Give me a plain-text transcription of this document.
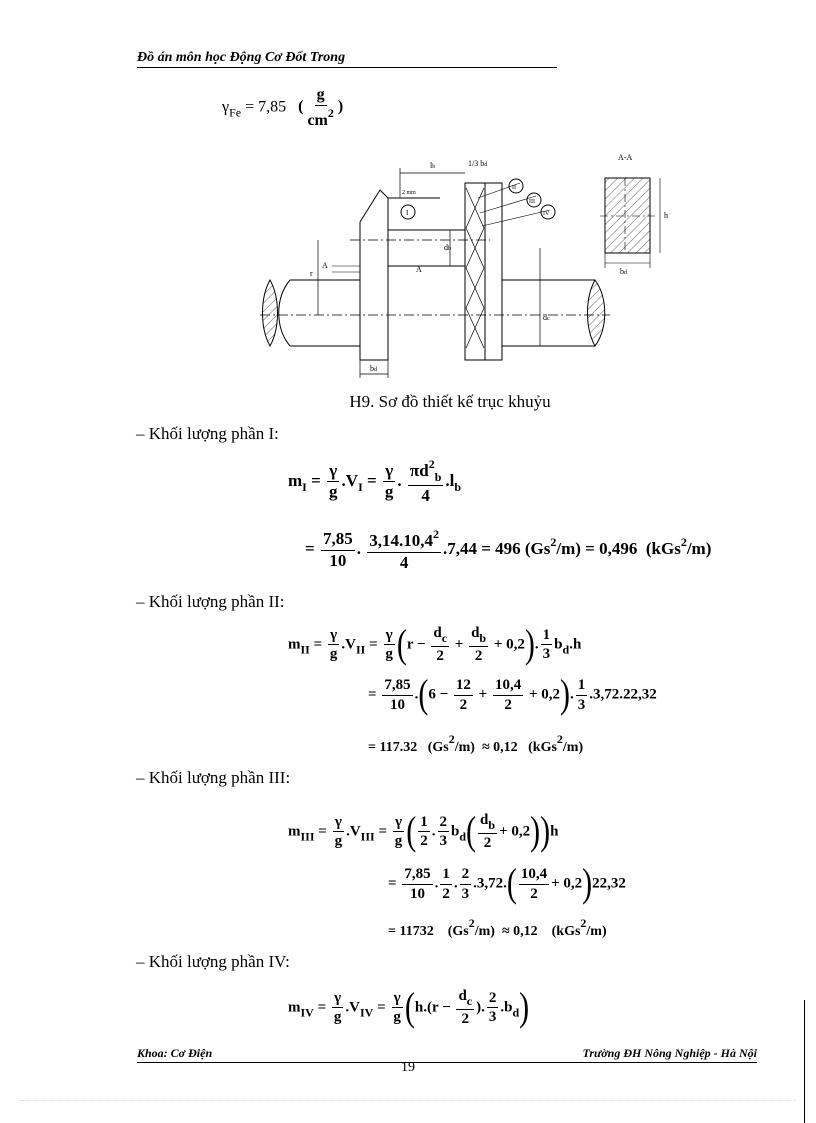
Đồ án môn học Động Cơ Đốt Trong
$\gamma_{Fe} = 7,85$ ( $\frac{g}{cm^2}$ )
A-A
h
bd
bd
lb	1/3 bd
2 mm
r
A	A
db
dc
I
II
III
IV
H9. Sơ đồ thiết kế trục khuỷu
– Khối lượng phần I:
$m_I = \frac{\gamma}{g} .V_I = \frac{\gamma}{g}$ . $\frac{\pi d^2_b}{4} .l_b$
= $\frac{7,85}{10}$ . $\frac{3,14.10,4^2}{4} .7,44 = 496$ $(Gs^2/m) = 0,496$ (kGs$^2$/m)
– Khối lượng phần II:
$m_{II} = \frac{\gamma}{g} .V_{II} = \frac{\gamma}{g} (r - \frac{d_c}{2} + \frac{d_b}{2} + 0,2)$. $\frac{1}{3} b_d.h$
= $\frac{7,85}{10} .(6 - \frac{12}{2} + \frac{10,4}{2} + 0,2)$. $\frac{1}{3} .3,72.22,32$
= 117.32 (Gs2/m) ≈ 0,12 (kGs2/m)
– Khối lượng phần III:
$m_{III} = \frac{\gamma}{g} .V_{III} = \frac{\gamma}{g}$ ( $\frac{1}{2}$ . $\frac{2}{3} b_d( \frac{d_b}{2} + 0,2))h$
= $\frac{7,85}{10}$ . $\frac{1}{2}$ . $\frac{2}{3} .3,72.( \frac{10,4}{2} + 0,2)22,32$
= 11732 (Gs2/m) ≈ 0,12 (kGs2/m)
– Khối lượng phần IV:
$m_{IV} = \frac{\gamma}{g} .V_{IV} = \frac{\gamma}{g} (h.(r - \frac{d_c}{2}$ ). $\frac{2}{3} .b_d$)
Khoa: Cơ Điện	Trường ĐH Nông Nghiệp - Hà Nội
19
